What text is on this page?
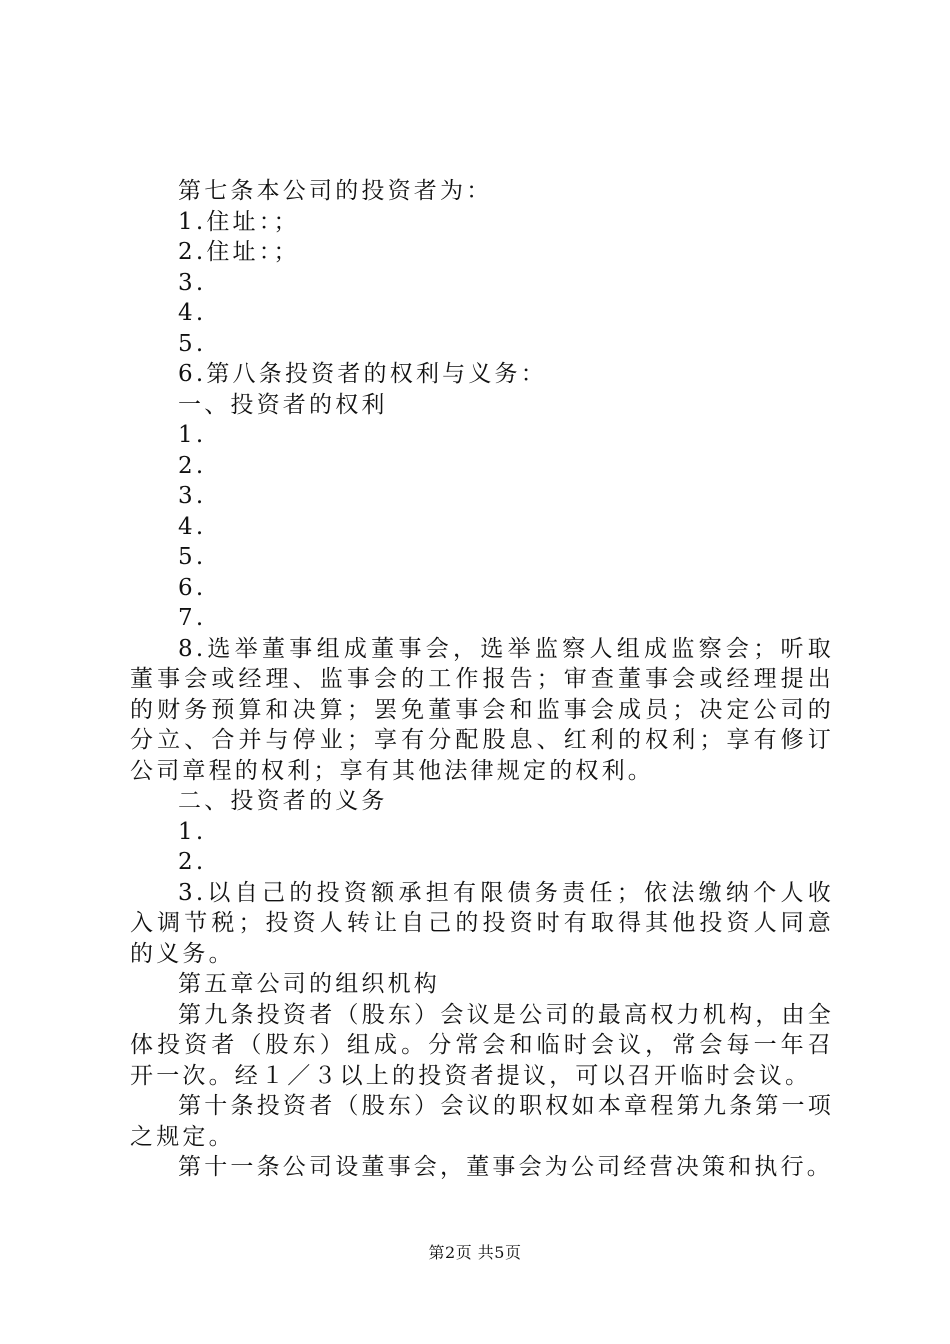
第七条本公司的投资者为：

1.住址：；

2.住址：；

3.

4.

5.

6.第八条投资者的权利与义务：

一、投资者的权利

1.

2.

3.

4.

5.

6.

7.

8.选举董事组成董事会，选举监察人组成监察会；听取董事会或经理、监事会的工作报告；审查董事会或经理提出的财务预算和决算；罢免董事会和监事会成员；决定公司的分立、合并与停业；享有分配股息、红利的权利；享有修订公司章程的权利；享有其他法律规定的权利。

二、投资者的义务

1.

2.

3.以自己的投资额承担有限债务责任；依法缴纳个人收入调节税；投资人转让自己的投资时有取得其他投资人同意的义务。

第五章公司的组织机构

第九条投资者（股东）会议是公司的最高权力机构，由全体投资者（股东）组成。分常会和临时会议，常会每一年召开一次。经１／３以上的投资者提议，可以召开临时会议。

第十条投资者（股东）会议的职权如本章程第九条第一项之规定。

第十一条公司设董事会，董事会为公司经营决策和执行。

第2页 共5页
